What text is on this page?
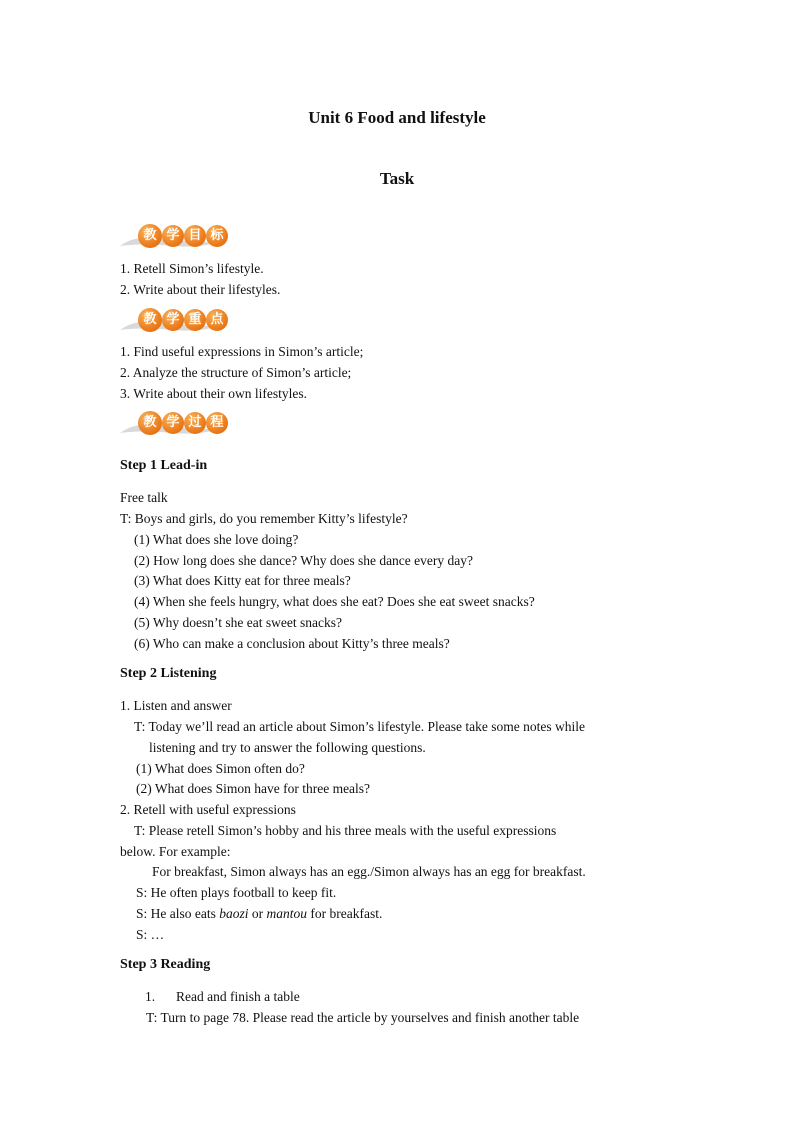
Unit 6 Food and lifestyle
Task
教 学 目 标
1. Retell Simon’s lifestyle.
2. Write about their lifestyles.
教 学 重 点
1. Find useful expressions in Simon’s article;
2. Analyze the structure of Simon’s article;
3. Write about their own lifestyles.
教 学 过 程
Step 1 Lead-in
Free talk
T: Boys and girls, do you remember Kitty’s lifestyle?
(1) What does she love doing?
(2) How long does she dance? Why does she dance every day?
(3) What does Kitty eat for three meals?
(4) When she feels hungry, what does she eat? Does she eat sweet snacks?
(5) Why doesn’t she eat sweet snacks?
(6) Who can make a conclusion about Kitty’s three meals?
Step 2 Listening
1. Listen and answer
T: Today we’ll read an article about Simon’s lifestyle. Please take some notes while
listening and try to answer the following questions.
(1) What does Simon often do?
(2) What does Simon have for three meals?
2. Retell with useful expressions
T: Please retell Simon’s hobby and his three meals with the useful expressions
below. For example:
For breakfast, Simon always has an egg./Simon always has an egg for breakfast.
S: He often plays football to keep fit.
S: He also eats baozi or mantou for breakfast.
S: …
Step 3 Reading
1. Read and finish a table
T: Turn to page 78. Please read the article by yourselves and finish another table
